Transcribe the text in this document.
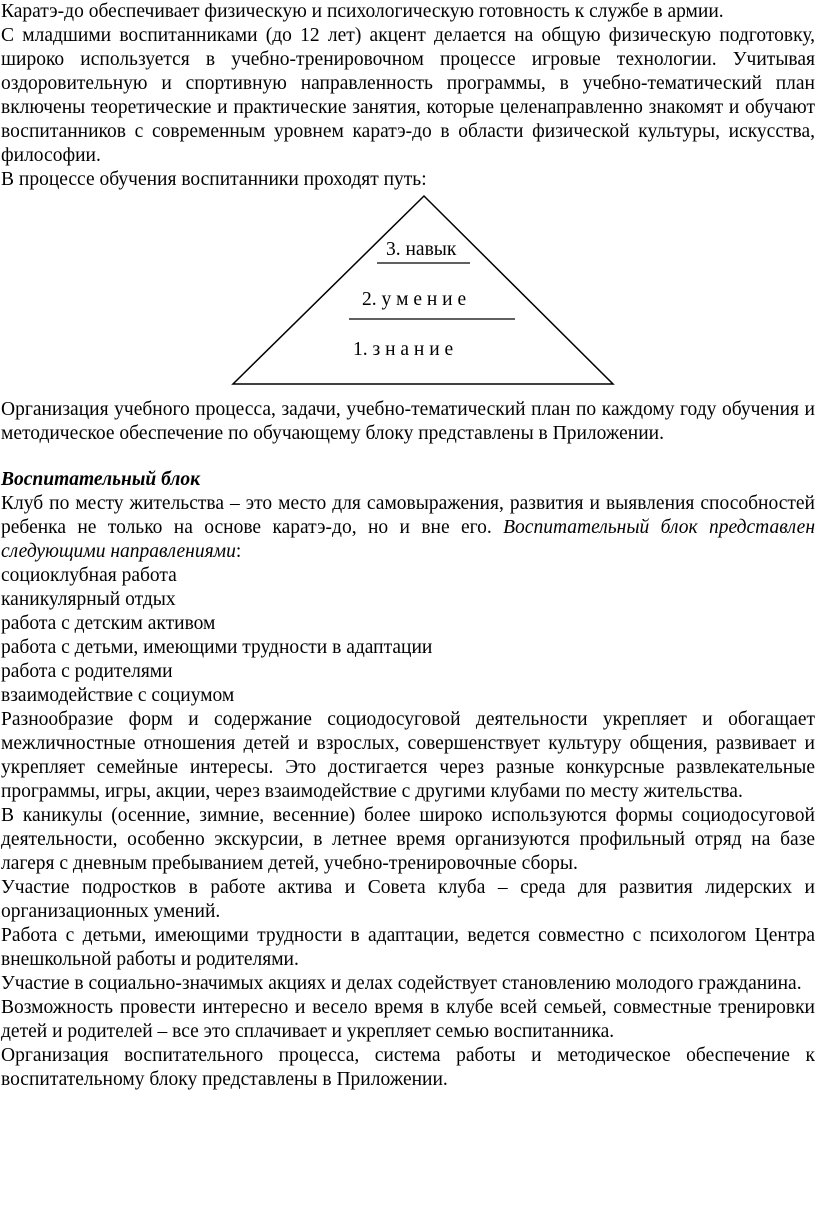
Каратэ-до обеспечивает физическую и психологическую готовность к службе в армии.

С младшими воспитанниками (до 12 лет) акцент делается на общую физическую подготовку, широко используется в учебно-тренировочном процессе игровые технологии. Учитывая оздоровительную и спортивную направленность программы, в учебно-тематический план включены теоретические и практические занятия, которые целенаправленно знакомят и обучают воспитанников с современным уровнем каратэ-до в области физической культуры, искусства, философии.

В процессе обучения воспитанники проходят путь:

3. навык
2. у м е н и е
1. з н а н и е

Организация учебного процесса, задачи, учебно-тематический план по каждому году обучения и методическое обеспечение по обучающему блоку представлены в Приложении.

Воспитательный блок

Клуб по месту жительства – это место для самовыражения, развития и выявления способностей ребенка не только на основе каратэ-до, но и вне его. Воспитательный блок представлен следующими направлениями:

социоклубная работа

каникулярный отдых

работа с детским активом

работа с детьми, имеющими трудности в адаптации

работа с родителями

взаимодействие с социумом

Разнообразие форм и содержание социодосуговой деятельности укрепляет и обогащает межличностные отношения детей и взрослых, совершенствует культуру общения, развивает и укрепляет семейные интересы. Это достигается через разные конкурсные развлекательные программы, игры, акции, через взаимодействие с другими клубами по месту жительства.

В каникулы (осенние, зимние, весенние) более широко используются формы социодосуговой деятельности, особенно экскурсии, в летнее время организуются профильный отряд на базе лагеря с дневным пребыванием детей, учебно-тренировочные сборы.

Участие подростков в работе актива и Совета клуба – среда для развития лидерских и организационных умений.

Работа с детьми, имеющими трудности в адаптации, ведется совместно с психологом Центра внешкольной работы и родителями.

Участие в социально-значимых акциях и делах содействует становлению молодого гражданина.

Возможность провести интересно и весело время в клубе всей семьей, совместные тренировки детей и родителей – все это сплачивает и укрепляет семью воспитанника.

Организация воспитательного процесса, система работы и методическое обеспечение к воспитательному блоку представлены в Приложении.
